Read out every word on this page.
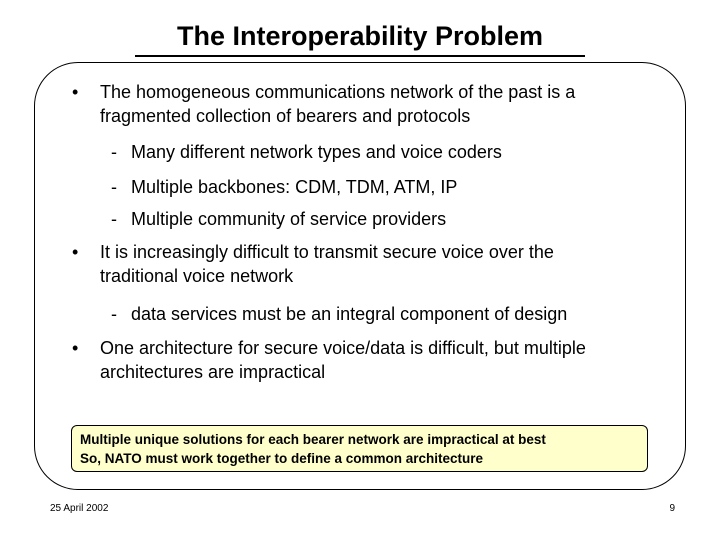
The Interoperability Problem
• The homogeneous communications network of the past is a
fragmented collection of bearers and protocols
- Many different network types and voice coders
- Multiple backbones: CDM, TDM, ATM, IP
- Multiple community of service providers
• It is increasingly difficult to transmit secure voice over the
traditional voice network
- data services must be an integral component of design
• One architecture for secure voice/data is difficult, but multiple
architectures are impractical
Multiple unique solutions for each bearer network are impractical at best
So, NATO must work together to define a common architecture
25 April 2002	9
